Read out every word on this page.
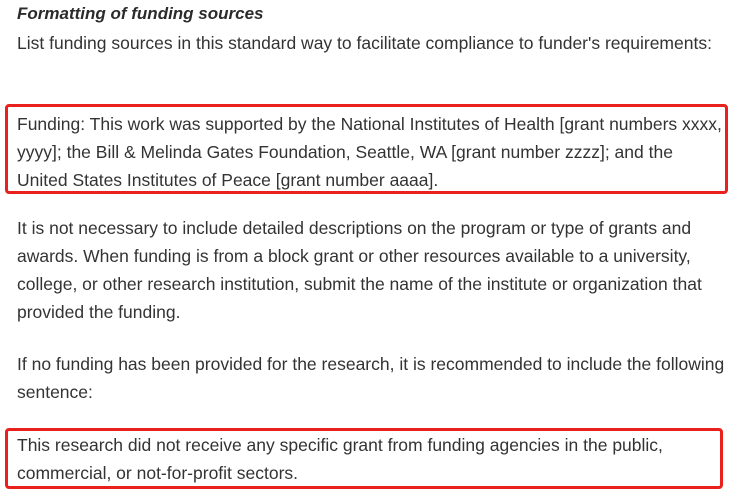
Formatting of funding sources

List funding sources in this standard way to facilitate compliance to funder's requirements:

Funding: This work was supported by the National Institutes of Health [grant numbers xxxx, yyyy]; the Bill & Melinda Gates Foundation, Seattle, WA [grant number zzzz]; and the United States Institutes of Peace [grant number aaaa].

It is not necessary to include detailed descriptions on the program or type of grants and awards. When funding is from a block grant or other resources available to a university, college, or other research institution, submit the name of the institute or organization that provided the funding.

If no funding has been provided for the research, it is recommended to include the following sentence:

This research did not receive any specific grant from funding agencies in the public, commercial, or not-for-profit sectors.
